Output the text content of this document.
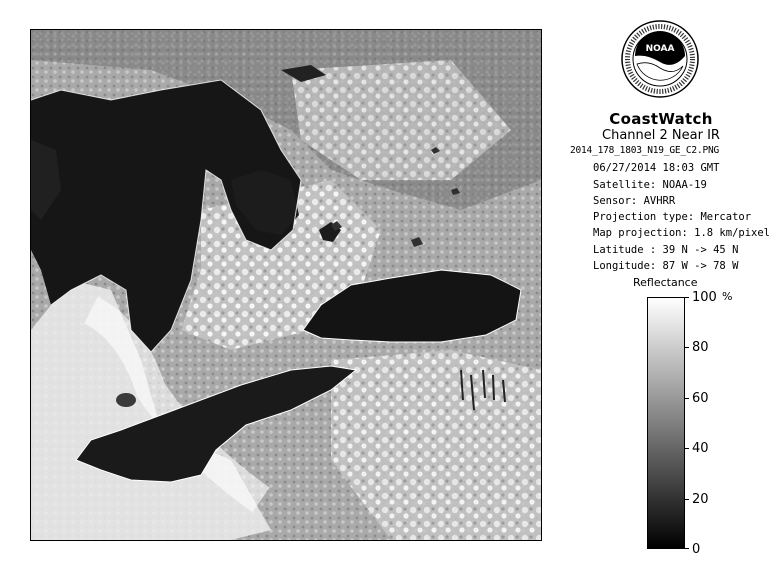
NOAA
CoastWatch
Channel 2 Near IR
2014_178_1803_N19_GE_C2.PNG
06/27/2014 18:03 GMT
Satellite: NOAA-19
Sensor: AVHRR
Projection type: Mercator
Map projection: 1.8 km/pixel
Latitude : 39 N -> 45 N
Longitude: 87 W -> 78 W
Reflectance
%
100
80
60
40
20
0
